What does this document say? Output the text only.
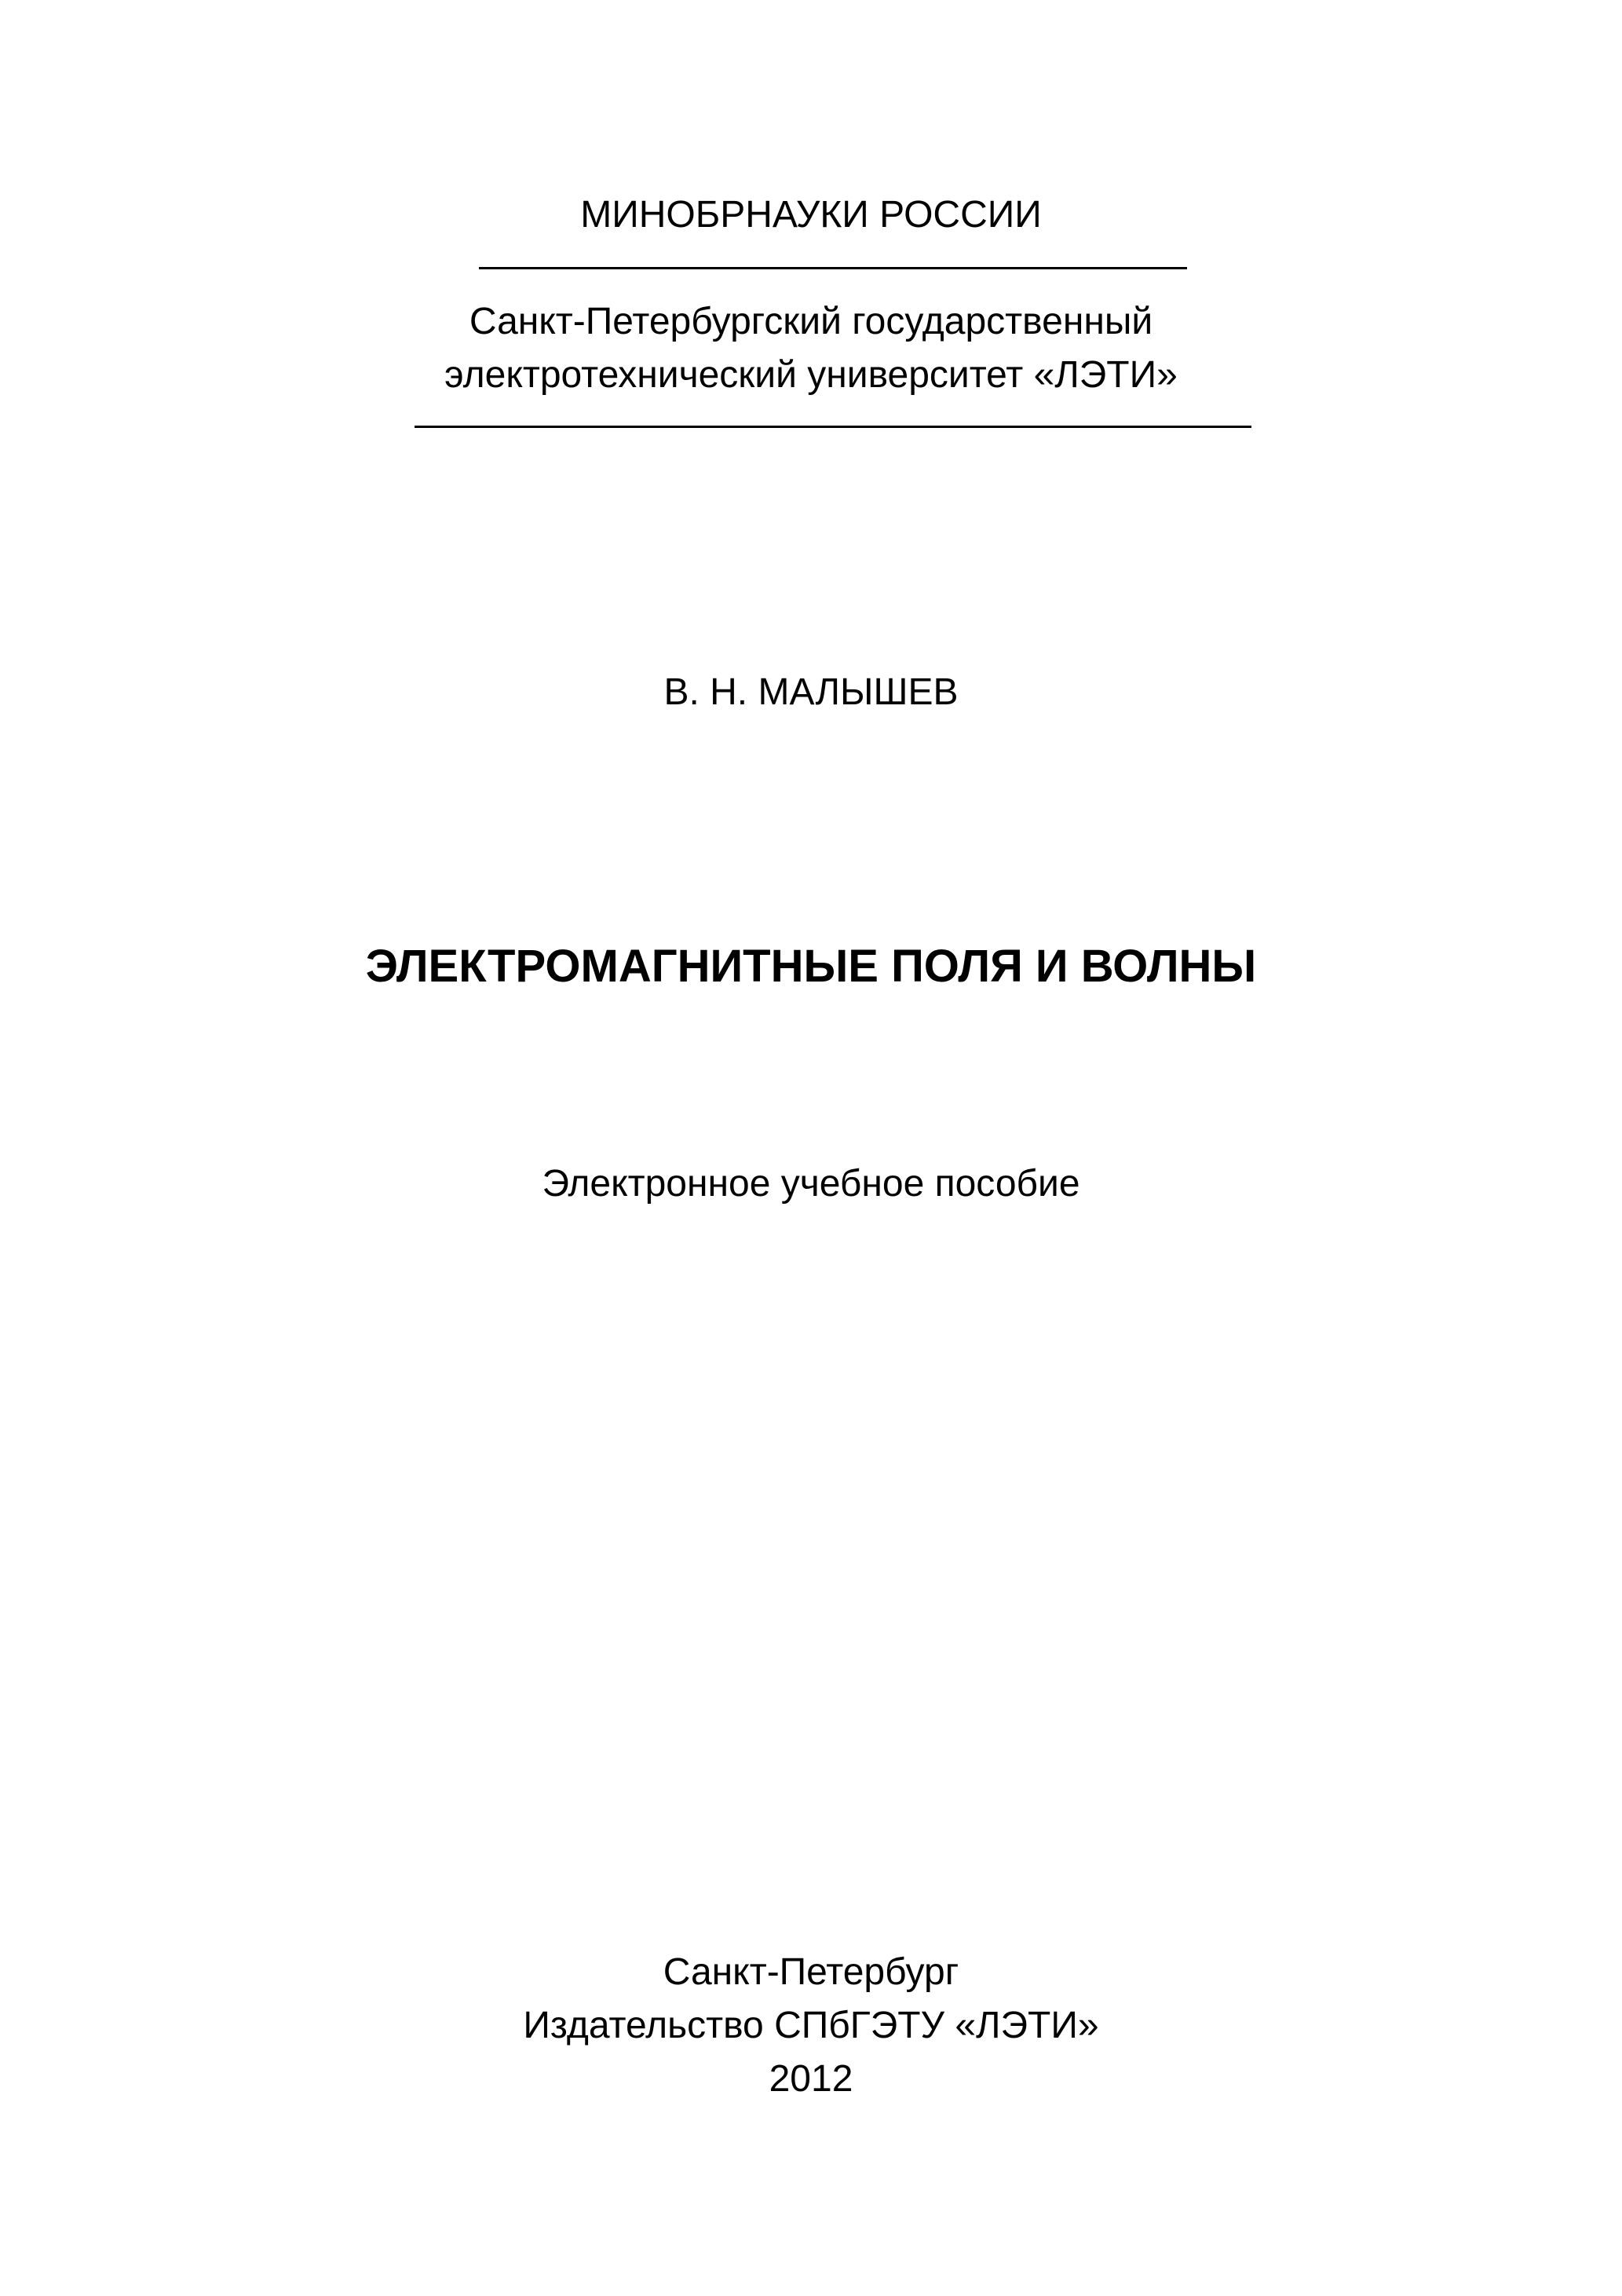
МИНОБРНАУКИ РОССИИ
Санкт-Петербургский государственный
электротехнический университет «ЛЭТИ»
В. Н. МАЛЫШЕВ
ЭЛЕКТРОМАГНИТНЫЕ ПОЛЯ И ВОЛНЫ
Электронное учебное пособие
Санкт-Петербург
Издательство СПбГЭТУ «ЛЭТИ»
2012
